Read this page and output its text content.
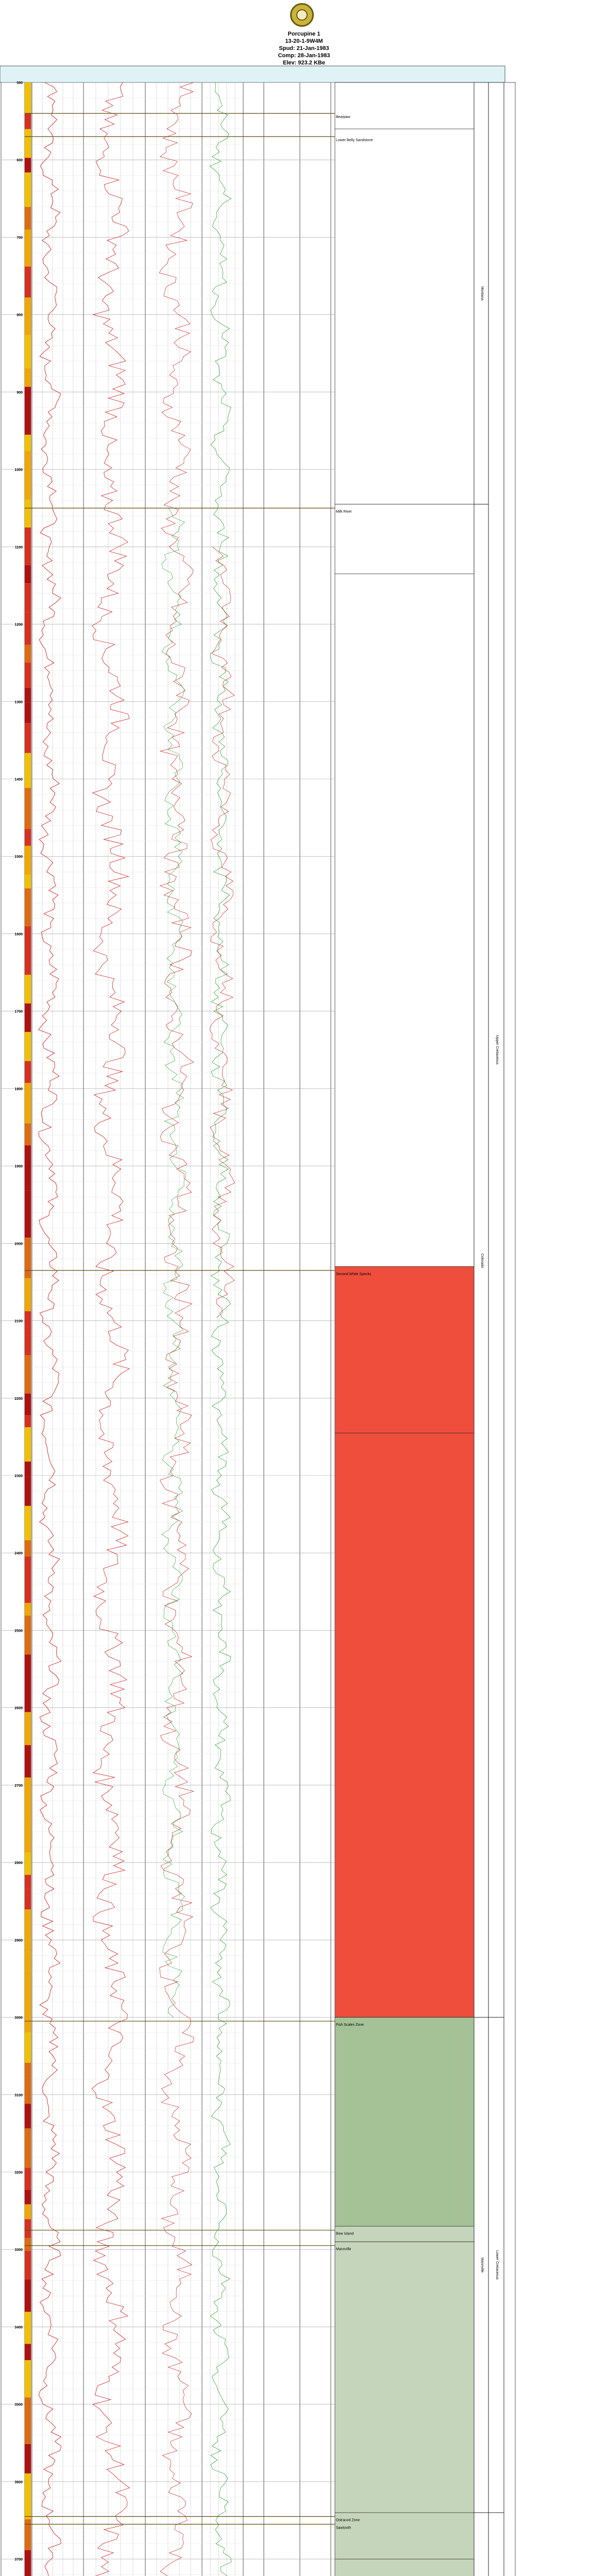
Porcupine 1
13-20-1-9W4M
Spud: 21-Jan-1983
Comp: 28-Jan-1983
Elev: 923.2 KBe
500
600
700
800
900
1000
1100
1200
1300
1400
1500
1600
1700
1800
1900
2000
2100
2200
2300
2400
2500
2600
2700
2800
2900
3000
3100
3200
3300
3400
3500
3600
3700
Bearpaw
Lower Belly Sandstone
Milk River
Second White Specks
Fish Scales Zone
Bow Island
Mannville
Ostracod Zone
Sawtooth
Montana
Colorado
Mannville
Upper Cretaceous
Lower Cretaceous
